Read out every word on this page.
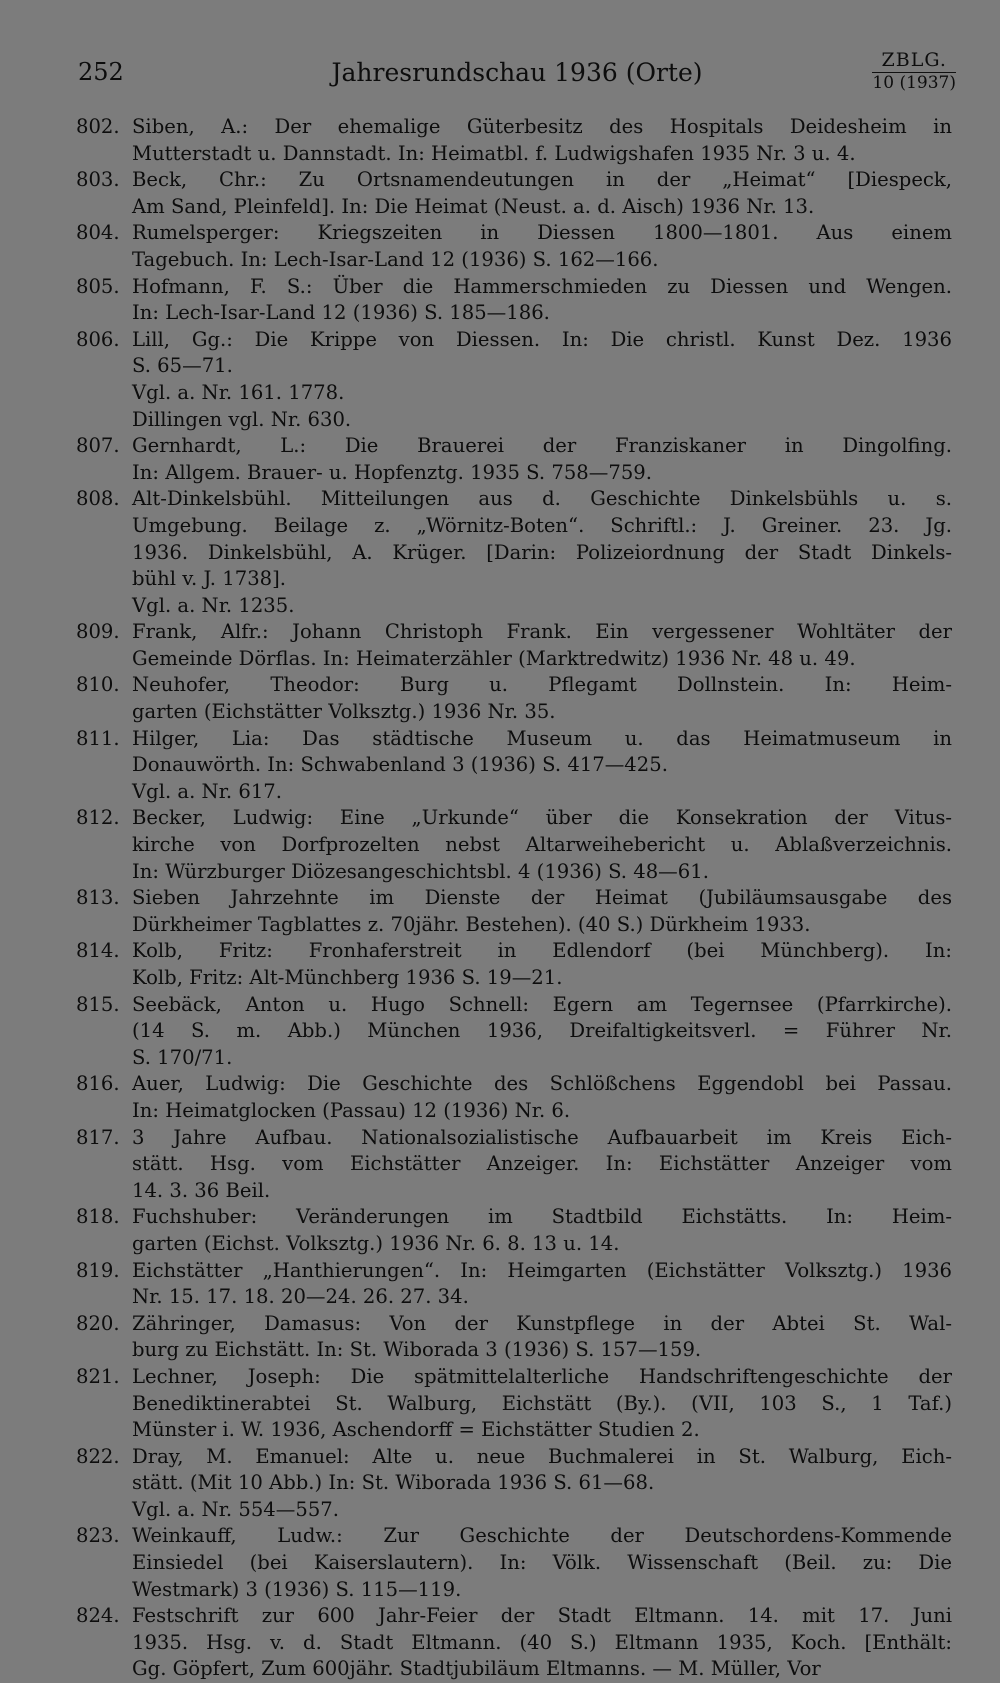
252	Jahresrundschau 1936 (Orte)	ZBLG.
10 (1937)
802. Siben, A.: Der ehemalige Güterbesitz des Hospitals Deidesheim in
Mutterstadt u. Dannstadt. In: Heimatbl. f. Ludwigshafen 1935 Nr. 3 u. 4.
803. Beck, Chr.: Zu Ortsnamendeutungen in der „Heimat“ [Diespeck,
Am Sand, Pleinfeld]. In: Die Heimat (Neust. a. d. Aisch) 1936 Nr. 13.
804. Rumelsperger: Kriegszeiten in Diessen 1800—1801. Aus einem
Tagebuch. In: Lech-Isar-Land 12 (1936) S. 162—166.
805. Hofmann, F. S.: Über die Hammerschmieden zu Diessen und Wengen.
In: Lech-Isar-Land 12 (1936) S. 185—186.
806. Lill, Gg.: Die Krippe von Diessen. In: Die christl. Kunst Dez. 1936
S. 65—71.
Vgl. a. Nr. 161. 1778.
Dillingen vgl. Nr. 630.
807. Gernhardt, L.: Die Brauerei der Franziskaner in Dingolfing.
In: Allgem. Brauer- u. Hopfenztg. 1935 S. 758—759.
808. Alt-Dinkelsbühl. Mitteilungen aus d. Geschichte Dinkelsbühls u. s.
Umgebung. Beilage z. „Wörnitz-Boten“. Schriftl.: J. Greiner. 23. Jg.
1936. Dinkelsbühl, A. Krüger. [Darin: Polizeiordnung der Stadt Dinkels-
bühl v. J. 1738].
Vgl. a. Nr. 1235.
809. Frank, Alfr.: Johann Christoph Frank. Ein vergessener Wohltäter der
Gemeinde Dörflas. In: Heimaterzähler (Marktredwitz) 1936 Nr. 48 u. 49.
810. Neuhofer, Theodor: Burg u. Pflegamt Dollnstein. In: Heim-
garten (Eichstätter Volksztg.) 1936 Nr. 35.
811. Hilger, Lia: Das städtische Museum u. das Heimatmuseum in
Donauwörth. In: Schwabenland 3 (1936) S. 417—425.
Vgl. a. Nr. 617.
812. Becker, Ludwig: Eine „Urkunde“ über die Konsekration der Vitus-
kirche von Dorfprozelten nebst Altarweihebericht u. Ablaßverzeichnis.
In: Würzburger Diözesangeschichtsbl. 4 (1936) S. 48—61.
813. Sieben Jahrzehnte im Dienste der Heimat (Jubiläumsausgabe des
Dürkheimer Tagblattes z. 70jähr. Bestehen). (40 S.) Dürkheim 1933.
814. Kolb, Fritz: Fronhaferstreit in Edlendorf (bei Münchberg). In:
Kolb, Fritz: Alt-Münchberg 1936 S. 19—21.
815. Seebäck, Anton u. Hugo Schnell: Egern am Tegernsee (Pfarrkirche).
(14 S. m. Abb.) München 1936, Dreifaltigkeitsverl. = Führer Nr.
S. 170/71.
816. Auer, Ludwig: Die Geschichte des Schlößchens Eggendobl bei Passau.
In: Heimatglocken (Passau) 12 (1936) Nr. 6.
817. 3 Jahre Aufbau. Nationalsozialistische Aufbauarbeit im Kreis Eich-
stätt. Hsg. vom Eichstätter Anzeiger. In: Eichstätter Anzeiger vom
14. 3. 36 Beil.
818. Fuchshuber: Veränderungen im Stadtbild Eichstätts. In: Heim-
garten (Eichst. Volksztg.) 1936 Nr. 6. 8. 13 u. 14.
819. Eichstätter „Hanthierungen“. In: Heimgarten (Eichstätter Volksztg.) 1936
Nr. 15. 17. 18. 20—24. 26. 27. 34.
820. Zähringer, Damasus: Von der Kunstpflege in der Abtei St. Wal-
burg zu Eichstätt. In: St. Wiborada 3 (1936) S. 157—159.
821. Lechner, Joseph: Die spätmittelalterliche Handschriftengeschichte der
Benediktinerabtei St. Walburg, Eichstätt (By.). (VII, 103 S., 1 Taf.)
Münster i. W. 1936, Aschendorff = Eichstätter Studien 2.
822. Dray, M. Emanuel: Alte u. neue Buchmalerei in St. Walburg, Eich-
stätt. (Mit 10 Abb.) In: St. Wiborada 1936 S. 61—68.
Vgl. a. Nr. 554—557.
823. Weinkauff, Ludw.: Zur Geschichte der Deutschordens-Kommende
Einsiedel (bei Kaiserslautern). In: Völk. Wissenschaft (Beil. zu: Die
Westmark) 3 (1936) S. 115—119.
824. Festschrift zur 600 Jahr-Feier der Stadt Eltmann. 14. mit 17. Juni
1935. Hsg. v. d. Stadt Eltmann. (40 S.) Eltmann 1935, Koch. [Enthält:
Gg. Göpfert, Zum 600jähr. Stadtjubiläum Eltmanns. — M. Müller, Vor
